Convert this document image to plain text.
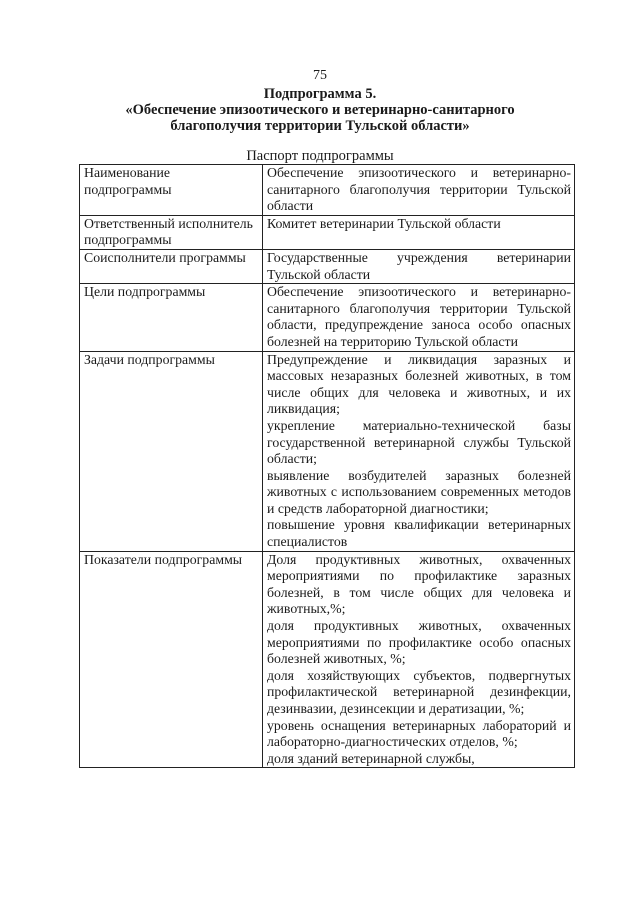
75
Подпрограмма 5.
«Обеспечение эпизоотического и ветеринарно-санитарного
благополучия территории Тульской области»
Паспорт подпрограммы
Наименование подпрограммы	Обеспечение эпизоотического и ветеринарно-санитарного благополучия территории Тульской области

Ответственный исполнитель подпрограммы	Комитет ветеринарии Тульской области

Соисполнители программы	Государственные учреждения ветеринарии Тульской области

Цели подпрограммы	Обеспечение эпизоотического и ветеринарно-санитарного благополучия территории Тульской области, предупреждение заноса особо опасных болезней на территорию Тульской области

Задачи подпрограммы	Предупреждение и ликвидация заразных и массовых незаразных болезней животных, в том числе общих для человека и животных, и их ликвидация;
укрепление материально-технической базы государственной ветеринарной службы Тульской области;
выявление возбудителей заразных болезней животных с использованием современных методов и средств лабораторной диагностики;
повышение уровня квалификации ветеринарных специалистов

Показатели подпрограммы	Доля продуктивных животных, охваченных мероприятиями по профилактике заразных болезней, в том числе общих для человека и животных,%;
доля продуктивных животных, охваченных мероприятиями по профилактике особо опасных болезней животных, %;
доля хозяйствующих субъектов, подвергнутых профилактической ветеринарной дезинфекции, дезинвазии, дезинсекции и дератизации, %;
уровень оснащения ветеринарных лабораторий и лабораторно-диагностических отделов, %;
доля зданий ветеринарной службы,
